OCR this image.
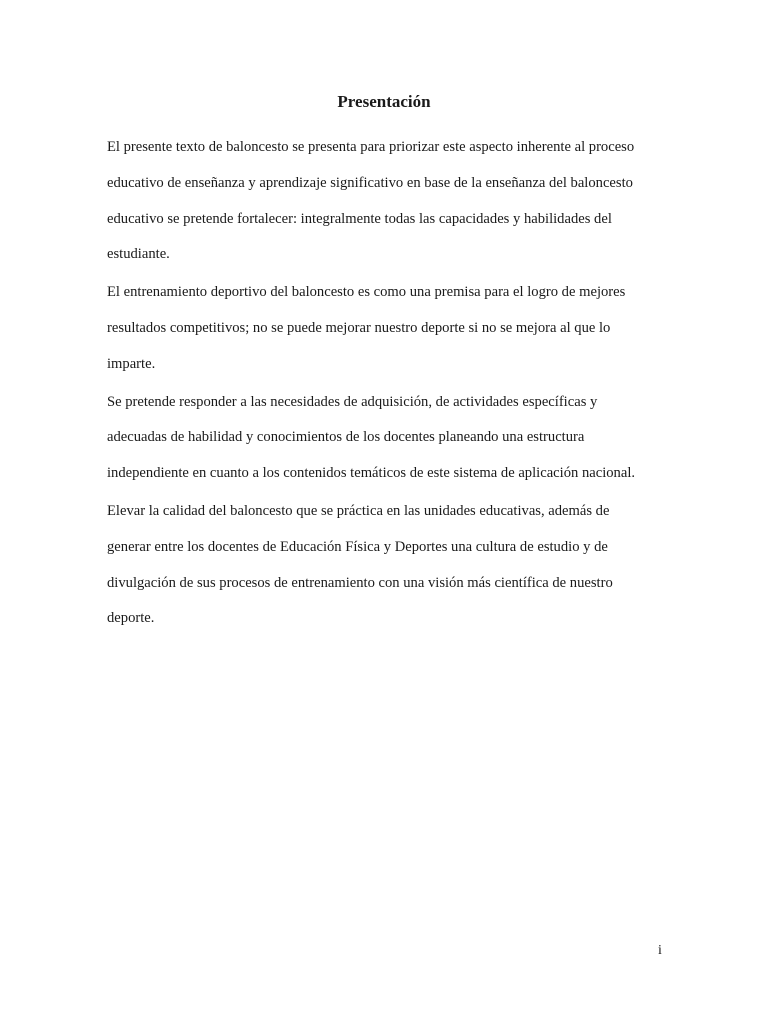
Presentación

El presente texto de baloncesto se presenta para priorizar este aspecto inherente al proceso
educativo de enseñanza y aprendizaje significativo en base de la enseñanza del baloncesto
educativo se pretende fortalecer: integralmente todas las capacidades y habilidades del
estudiante.

El entrenamiento deportivo del baloncesto es como una premisa para el logro de mejores
resultados competitivos; no se puede mejorar nuestro deporte si no se mejora al que lo
imparte.

Se pretende responder a las necesidades de adquisición, de actividades específicas y
adecuadas de habilidad y conocimientos de los docentes planeando una estructura
independiente en cuanto a los contenidos temáticos de este sistema de aplicación nacional.

Elevar la calidad del baloncesto que se práctica en las unidades educativas, además de
generar entre los docentes de Educación Física y Deportes una cultura de estudio y de
divulgación de sus procesos de entrenamiento con una visión más científica de nuestro
deporte.

i
